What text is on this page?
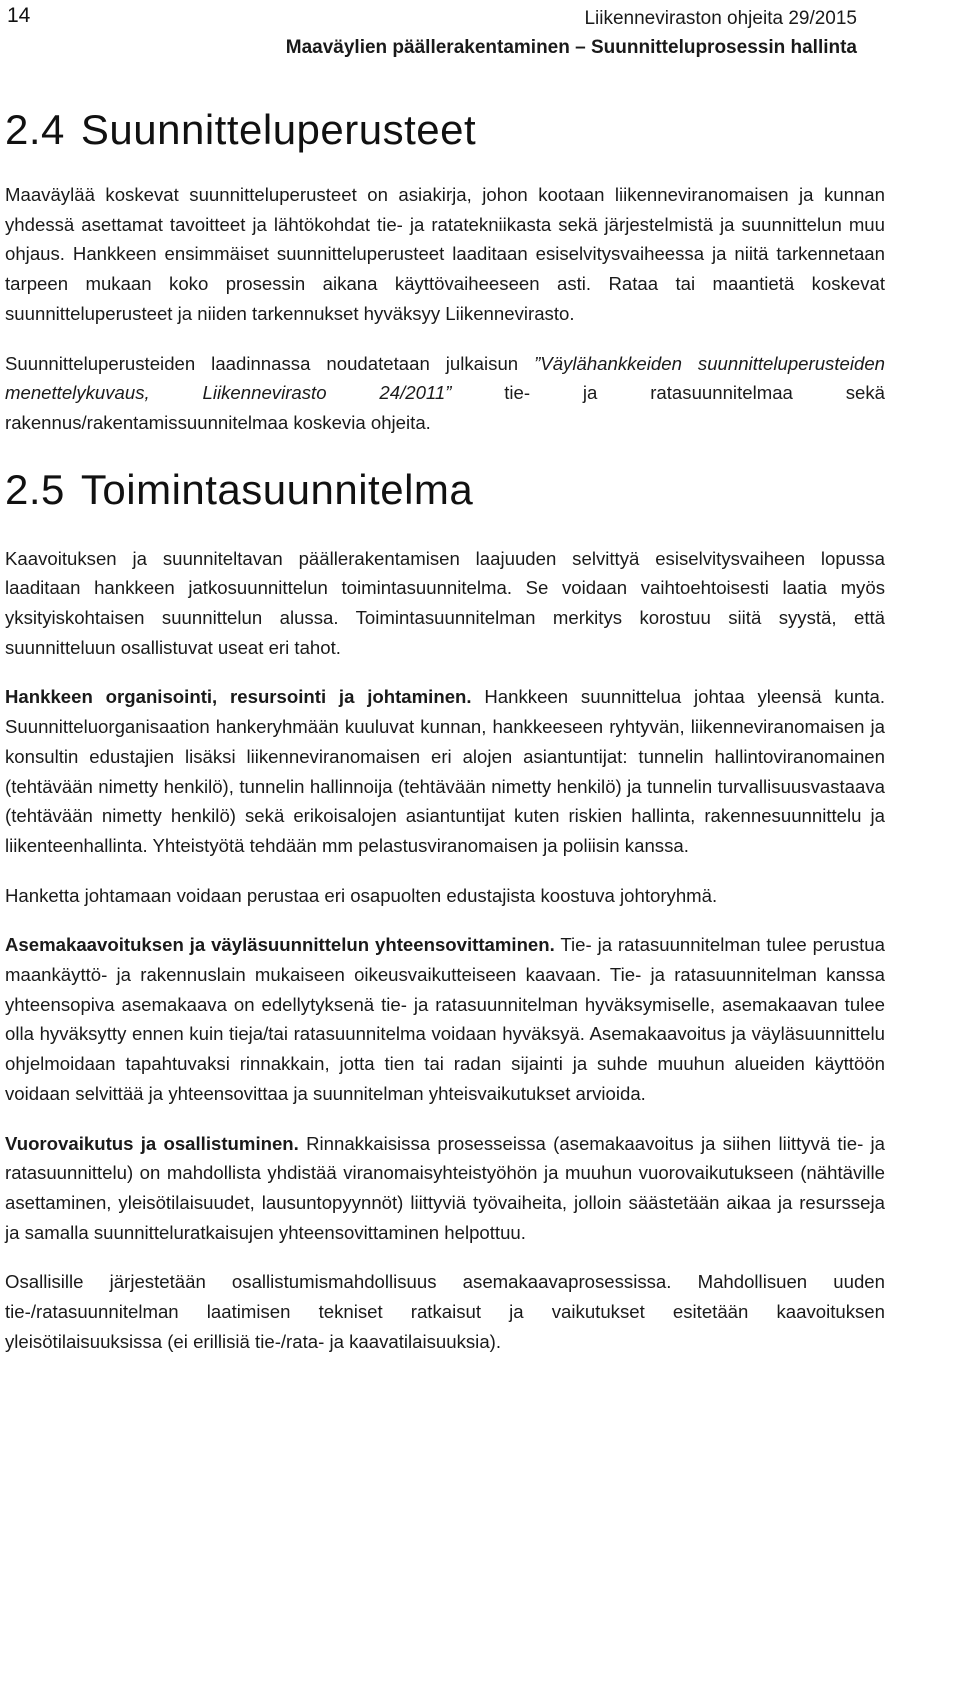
14	Liikenneviraston ohjeita 29/2015
Maaväylien päällerakentaminen – Suunnitteluprosessin hallinta
2.4 Suunnitteluperusteet

Maaväylää koskevat suunnitteluperusteet on asiakirja, johon kootaan liikenneviranomaisen ja kunnan yhdessä asettamat tavoitteet ja lähtökohdat tie- ja ratatekniikasta sekä järjestelmistä ja suunnittelun muu ohjaus. Hankkeen ensimmäiset suunnitteluperusteet laaditaan esiselvitysvaiheessa ja niitä tarkennetaan tarpeen mukaan koko prosessin aikana käyttövaiheeseen asti. Rataa tai maantietä koskevat suunnitteluperusteet ja niiden tarkennukset hyväksyy Liikennevirasto.

Suunnitteluperusteiden laadinnassa noudatetaan julkaisun ”Väylähankkeiden suunnitteluperusteiden menettelykuvaus, Liikennevirasto 24/2011” tie- ja ratasuunnitelmaa sekä rakennus/rakentamissuunnitelmaa koskevia ohjeita.

2.5 Toimintasuunnitelma

Kaavoituksen ja suunniteltavan päällerakentamisen laajuuden selvittyä esiselvitysvaiheen lopussa laaditaan hankkeen jatkosuunnittelun toimintasuunnitelma. Se voidaan vaihtoehtoisesti laatia myös yksityiskohtaisen suunnittelun alussa. Toimintasuunnitelman merkitys korostuu siitä syystä, että suunnitteluun osallistuvat useat eri tahot.

Hankkeen organisointi, resursointi ja johtaminen. Hankkeen suunnittelua johtaa yleensä kunta. Suunnitteluorganisaation hankeryhmään kuuluvat kunnan, hankkeeseen ryhtyvän, liikenneviranomaisen ja konsultin edustajien lisäksi liikenneviranomaisen eri alojen asiantuntijat: tunnelin hallintoviranomainen (tehtävään nimetty henkilö), tunnelin hallinnoija (tehtävään nimetty henkilö) ja tunnelin turvallisuusvastaava (tehtävään nimetty henkilö) sekä erikoisalojen asiantuntijat kuten riskien hallinta, rakennesuunnittelu ja liikenteenhallinta. Yhteistyötä tehdään mm pelastusviranomaisen ja poliisin kanssa.

Hanketta johtamaan voidaan perustaa eri osapuolten edustajista koostuva johtoryhmä.

Asemakaavoituksen ja väyläsuunnittelun yhteensovittaminen. Tie- ja ratasuunnitelman tulee perustua maankäyttö- ja rakennuslain mukaiseen oikeusvaikutteiseen kaavaan. Tie- ja ratasuunnitelman kanssa yhteensopiva asemakaava on edellytyksenä tie- ja ratasuunnitelman hyväksymiselle, asemakaavan tulee olla hyväksytty ennen kuin tieja/tai ratasuunnitelma voidaan hyväksyä. Asemakaavoitus ja väyläsuunnittelu ohjelmoidaan tapahtuvaksi rinnakkain, jotta tien tai radan sijainti ja suhde muuhun alueiden käyttöön voidaan selvittää ja yhteensovittaa ja suunnitelman yhteisvaikutukset arvioida.

Vuorovaikutus ja osallistuminen. Rinnakkaisissa prosesseissa (asemakaavoitus ja siihen liittyvä tie- ja ratasuunnittelu) on mahdollista yhdistää viranomaisyhteistyöhön ja muuhun vuorovaikutukseen (nähtäville asettaminen, yleisötilaisuudet, lausuntopyynnöt) liittyviä työvaiheita, jolloin säästetään aikaa ja resursseja ja samalla suunnitteluratkaisujen yhteensovittaminen helpottuu.

Osallisille järjestetään osallistumismahdollisuus asemakaavaprosessissa. Mahdollisuen uuden tie-/ratasuunnitelman laatimisen tekniset ratkaisut ja vaikutukset esitetään kaavoituksen yleisötilaisuuksissa (ei erillisiä tie-/rata- ja kaavatilaisuuksia).
